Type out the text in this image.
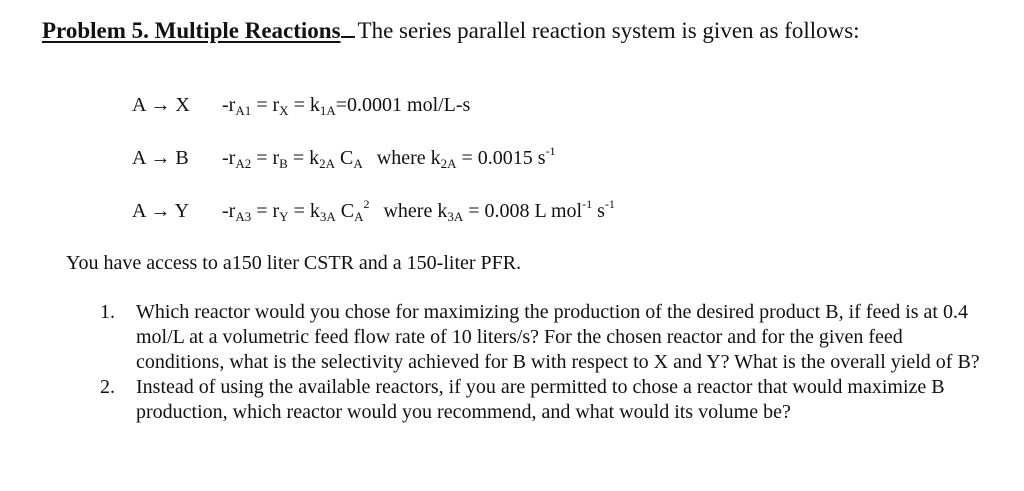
Problem 5. Multiple Reactions The series parallel reaction system is given as follows:
A → X $-r_{A1} = r_X = k_{1A}=0.0001$ mol/L-s
A → B $-r_{A2} = r_B = k_{2A}$ $C_A$ where $k_{2A} = 0.0015$ $s^{-1}$
A → Y $-r_{A3} = r_Y = k_{3A}$ $C_A^2$ where $k_{3A} = 0.008$ L mol$^{-1}$ $s^{-1}$
You have access to a150 liter CSTR and a 150-liter PFR.
1.	Which reactor would you chose for maximizing the production of the desired product B, if feed is at 0.4 mol/L at a volumetric feed flow rate of 10 liters/s? For the chosen reactor and for the given feed conditions, what is the selectivity achieved for B with respect to X and Y? What is the overall yield of B?

2.	Instead of using the available reactors, if you are permitted to chose a reactor that would maximize B production, which reactor would you recommend, and what would its volume be?
